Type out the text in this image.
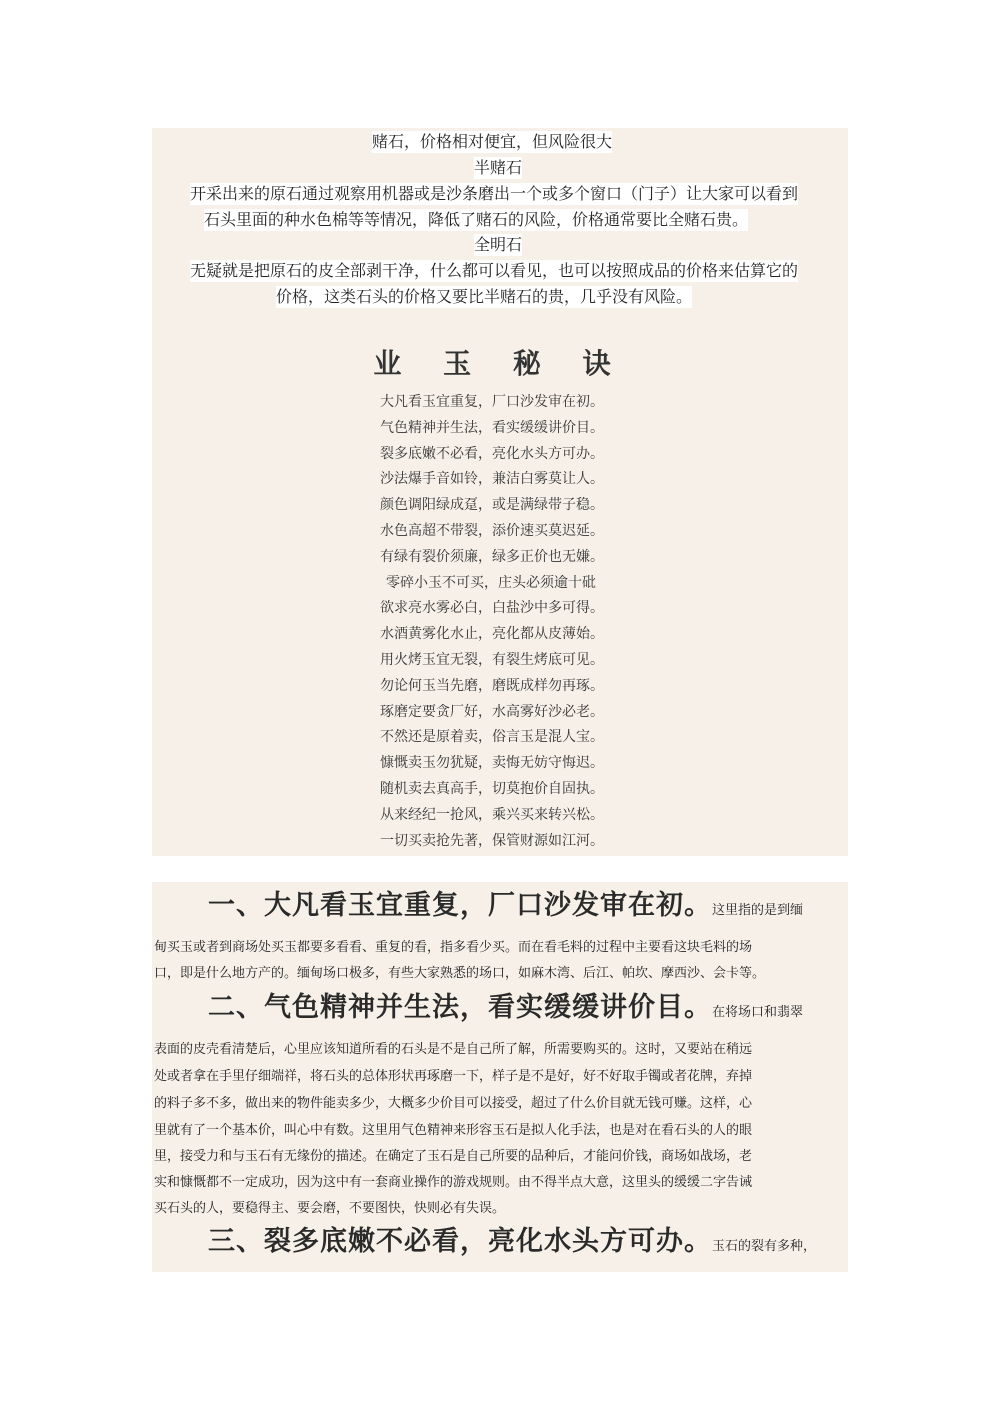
赌石，价格相对便宜，但风险很大
半赌石
开采出来的原石通过观察用机器或是沙条磨出一个或多个窗口（门子）让大家可以看到
石头里面的种水色棉等等情况，降低了赌石的风险，价格通常要比全赌石贵。
全明石
无疑就是把原石的皮全部剥干净，什么都可以看见，也可以按照成品的价格来估算它的
价格，这类石头的价格又要比半赌石的贵，几乎没有风险。
业 玉 秘 诀
大凡看玉宜重复，厂口沙发审在初。
气色精神并生法，看实缓缓讲价目。
裂多底嫩不必看，亮化水头方可办。
沙法爆手音如铃，兼洁白雾莫让人。
颜色调阳绿成趸，或是满绿带子稳。
水色高超不带裂，添价速买莫迟延。
有绿有裂价须廉，绿多正价也无嫌。
零碎小玉不可买，庄头必须逾十砒
欲求亮水雾必白，白盐沙中多可得。
水酒黄雾化水止，亮化都从皮薄始。
用火烤玉宜无裂，有裂生烤底可见。
勿论何玉当先磨，磨既成样勿再琢。
琢磨定要贪厂好，水高雾好沙必老。
不然还是原着卖，俗言玉是混人宝。
慷慨卖玉勿犹疑，卖悔无妨守悔迟。
随机卖去真高手，切莫抱价自固执。
从来经纪一抢风，乘兴买来转兴松。
一切买卖抢先著，保管财源如江河。
一、大凡看玉宜重复，厂口沙发审在初。这里指的是到缅
甸买玉或者到商场处买玉都要多看看、重复的看，指多看少买。而在看毛料的过程中主要看这块毛料的场
口，即是什么地方产的。缅甸场口极多，有些大家熟悉的场口，如麻木湾、后江、帕坎、摩西沙、会卡等。
二、气色精神并生法，看实缓缓讲价目。在将场口和翡翠
表面的皮壳看清楚后，心里应该知道所看的石头是不是自己所了解，所需要购买的。这时，又要站在稍远
处或者拿在手里仔细端祥，将石头的总体形状再琢磨一下，样子是不是好，好不好取手镯或者花牌，弃掉
的料子多不多，做出来的物件能卖多少，大概多少价目可以接受，超过了什么价目就无钱可赚。这样，心
里就有了一个基本价，叫心中有数。这里用气色精神来形容玉石是拟人化手法，也是对在看石头的人的眼
里，接受力和与玉石有无缘份的描述。在确定了玉石是自己所要的品种后，才能问价钱，商场如战场，老
实和慷慨都不一定成功，因为这中有一套商业操作的游戏规则。由不得半点大意，这里头的缓缓二字告诫
买石头的人，要稳得主、要会磨，不要图快，快则必有失误。
三、裂多底嫩不必看，亮化水头方可办。玉石的裂有多种，
